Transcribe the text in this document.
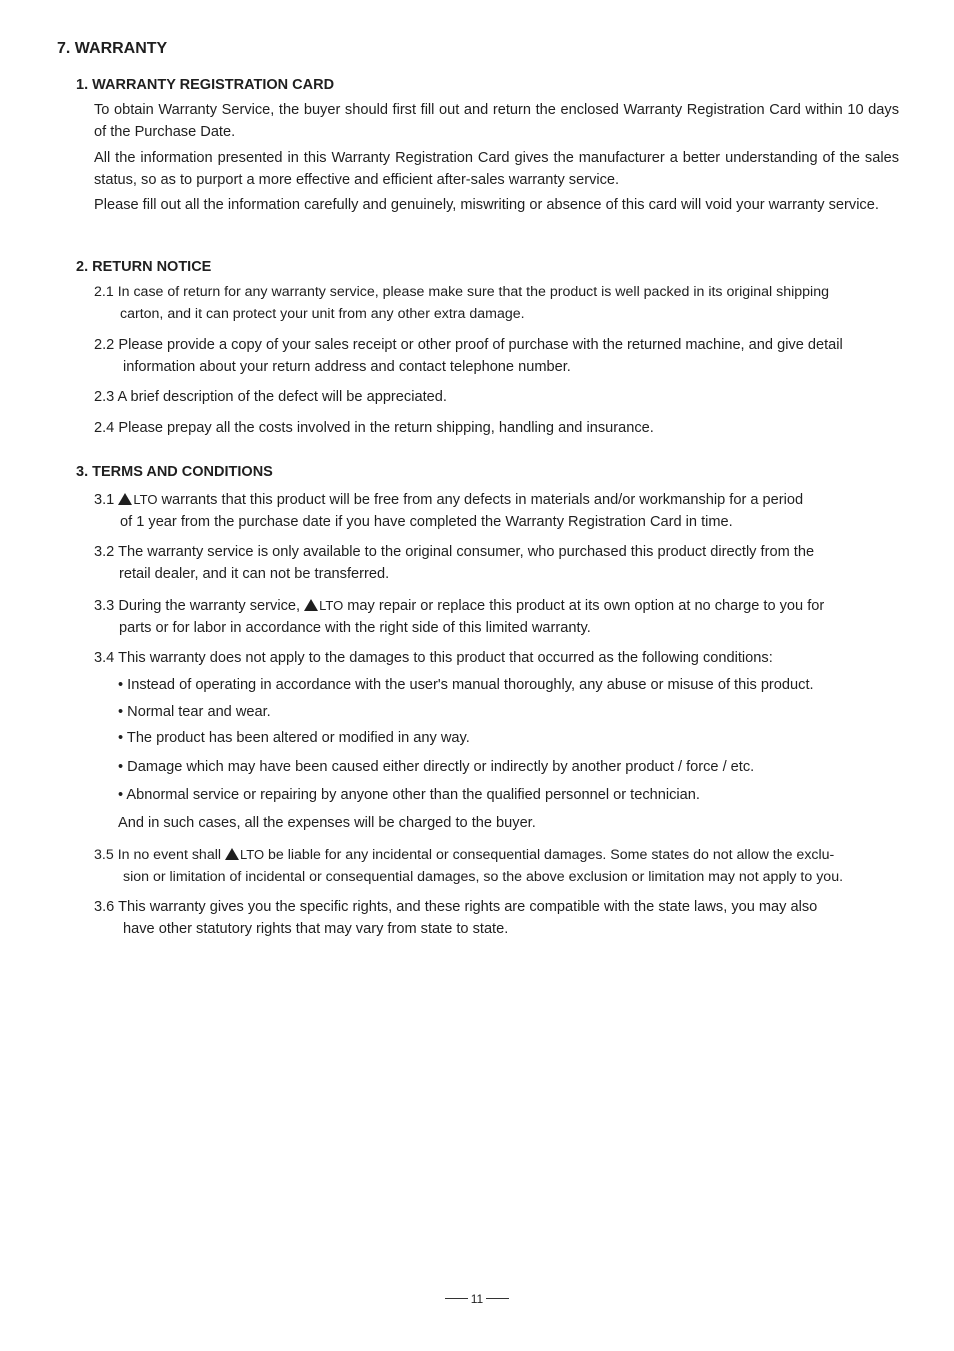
7. WARRANTY
1. WARRANTY REGISTRATION CARD
To obtain Warranty Service, the buyer should first fill out and return the enclosed Warranty Registration Card within 10 days of the Purchase Date.
All the information presented in this Warranty Registration Card gives the manufacturer a better understanding of the sales status, so as to purport a more effective and efficient after-sales warranty service.
Please fill out all the information carefully and genuinely, miswriting or absence of this card will void your warranty service.
2. RETURN NOTICE
2.1 In case of return for any warranty service, please make sure that the product is well packed in its original shipping
carton, and it can protect your unit from any other extra damage.
2.2 Please provide a copy of your sales receipt or other proof of purchase with the returned machine, and give detail
information about your return address and contact telephone number.
2.3 A brief description of the defect will be appreciated.
2.4 Please prepay all the costs involved in the return shipping, handling and insurance.
3. TERMS AND CONDITIONS
3.1 LTO warrants that this product will be free from any defects in materials and/or workmanship for a period
of 1 year from the purchase date if you have completed the Warranty Registration Card in time.
3.2 The warranty service is only available to the original consumer, who purchased this product directly from the
retail dealer, and it can not be transferred.
3.3 During the warranty service, LTO may repair or replace this product at its own option at no charge to you for
parts or for labor in accordance with the right side of this limited warranty.
3.4 This warranty does not apply to the damages to this product that occurred as the following conditions:
• Instead of operating in accordance with the user's manual thoroughly, any abuse or misuse of this product.
• Normal tear and wear.
• The product has been altered or modified in any way.
• Damage which may have been caused either directly or indirectly by another product / force / etc.
• Abnormal service or repairing by anyone other than the qualified personnel or technician.
And in such cases, all the expenses will be charged to the buyer.
3.5 In no event shall LTO be liable for any incidental or consequential damages. Some states do not allow the exclu-
sion or limitation of incidental or consequential damages, so the above exclusion or limitation may not apply to you.
3.6 This warranty gives you the specific rights, and these rights are compatible with the state laws, you may also
have other statutory rights that may vary from state to state.
11
